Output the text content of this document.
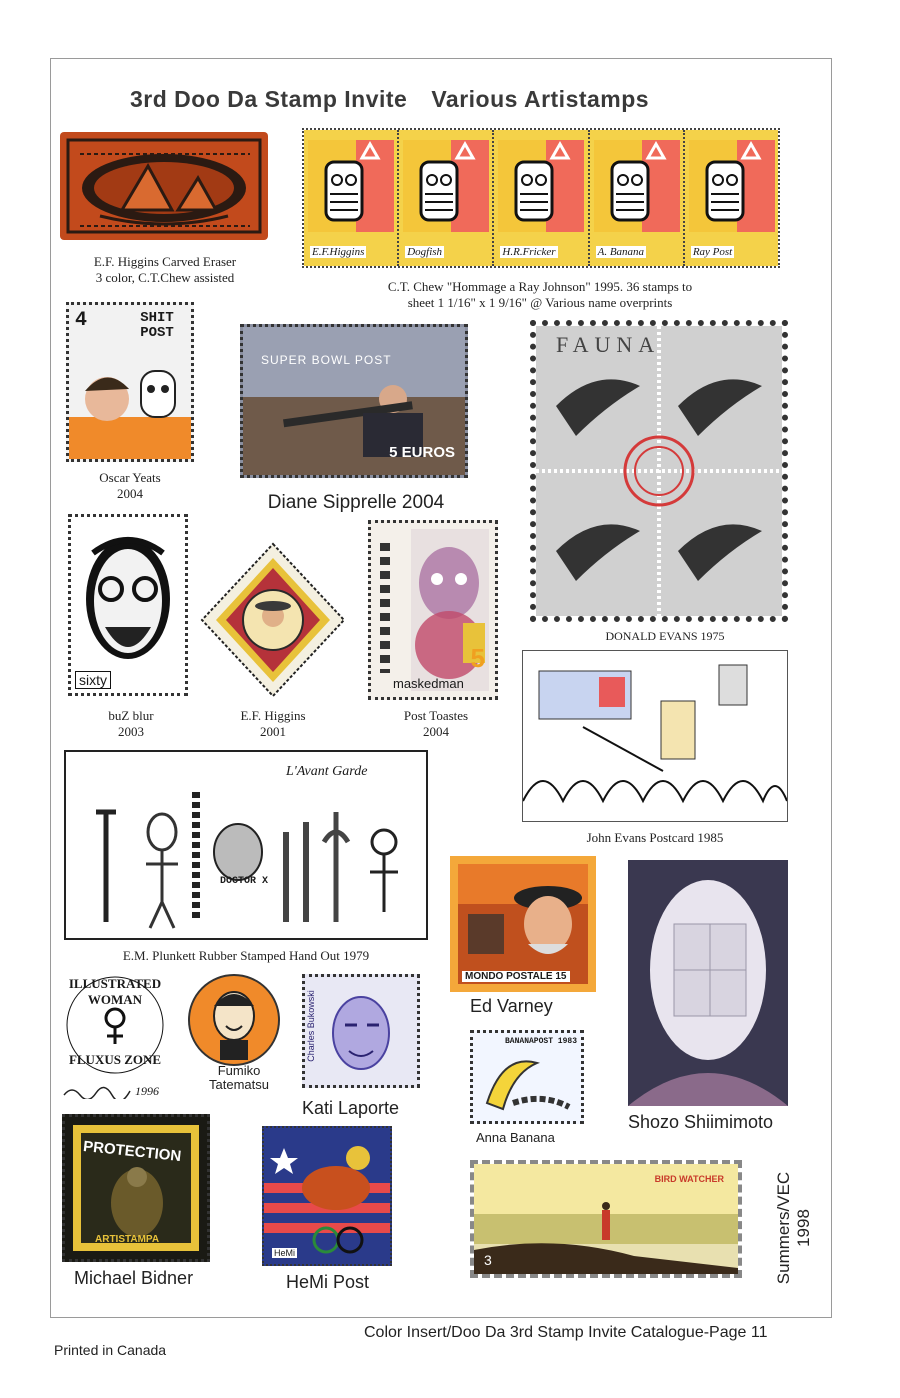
3rd Doo Da Stamp Invite Various Artistamps
E.F. Higgins Carved Eraser
3 color, C.T.Chew assisted
E.F.Higgins	Dogfish	H.R.Fricker	A. Banana	Ray Post
C.T. Chew "Hommage a Ray Johnson" 1995. 36 stamps to
sheet 1 1/16" x 1 9/16" @ Various name overprints
4	SHIT POST
Oscar Yeats
2004
SUPER BOWL POST
5 EUROS
Diane Sipprelle 2004
FAUNA
DONALD EVANS 1975
sixty
buZ blur
2003
E.F. Higgins
2001
5
maskedman
Post Toastes
2004
John Evans Postcard 1985
L'Avant Garde
DOCTOR X
E.M. Plunkett Rubber Stamped Hand Out 1979
MONDO POSTALE 15
Ed Varney
Shozo Shiimimoto
ILLUSTRATED WOMAN
FLUXUS ZONE
1996
Fumiko
Tatematsu
Charles Bukowski
Kati Laporte
BANANAPOST 1983
Anna Banana
PROTECTION
ARTISTAMPA
Michael Bidner
HeMi
HeMi Post
BIRD WATCHER
3	Summers/VEC 1998
Color Insert/Doo Da 3rd Stamp Invite Catalogue-Page 11
Printed in Canada
